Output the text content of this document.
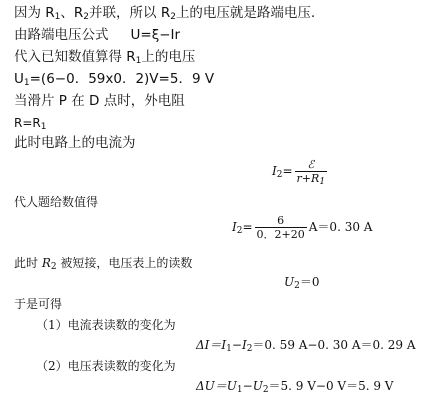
因为 $R_1$、$R_2$并联，所以 $R_2$上的电压就是路端电压.
由路端电压公式 U=ξ−Ir
代入已知数值算得 $R_1$上的电压
$U_1=(6-0$．59x0．2)V=5．9 V
当滑片 P 在 D 点时，外电阻
$R=R_1$
此时电路上的电流为
$I_2= \frac{\text{ℰ}}{r+R_1}$
代人题给数值得
$I_2= \frac{6}{0.2+20} A=0$. 30 A
此时 $R_2$ 被短接，电压表上的读数
$U_2=0$
于是可得
（1）电流表读数的变化为
$\Delta I=I_1-I_2=0$. 59 A−0. 30 A＝0. 29 A
（2）电压表读数的变化为
$\Delta U=U_1-U_2=5$. 9 V−0 V＝5. 9 V
